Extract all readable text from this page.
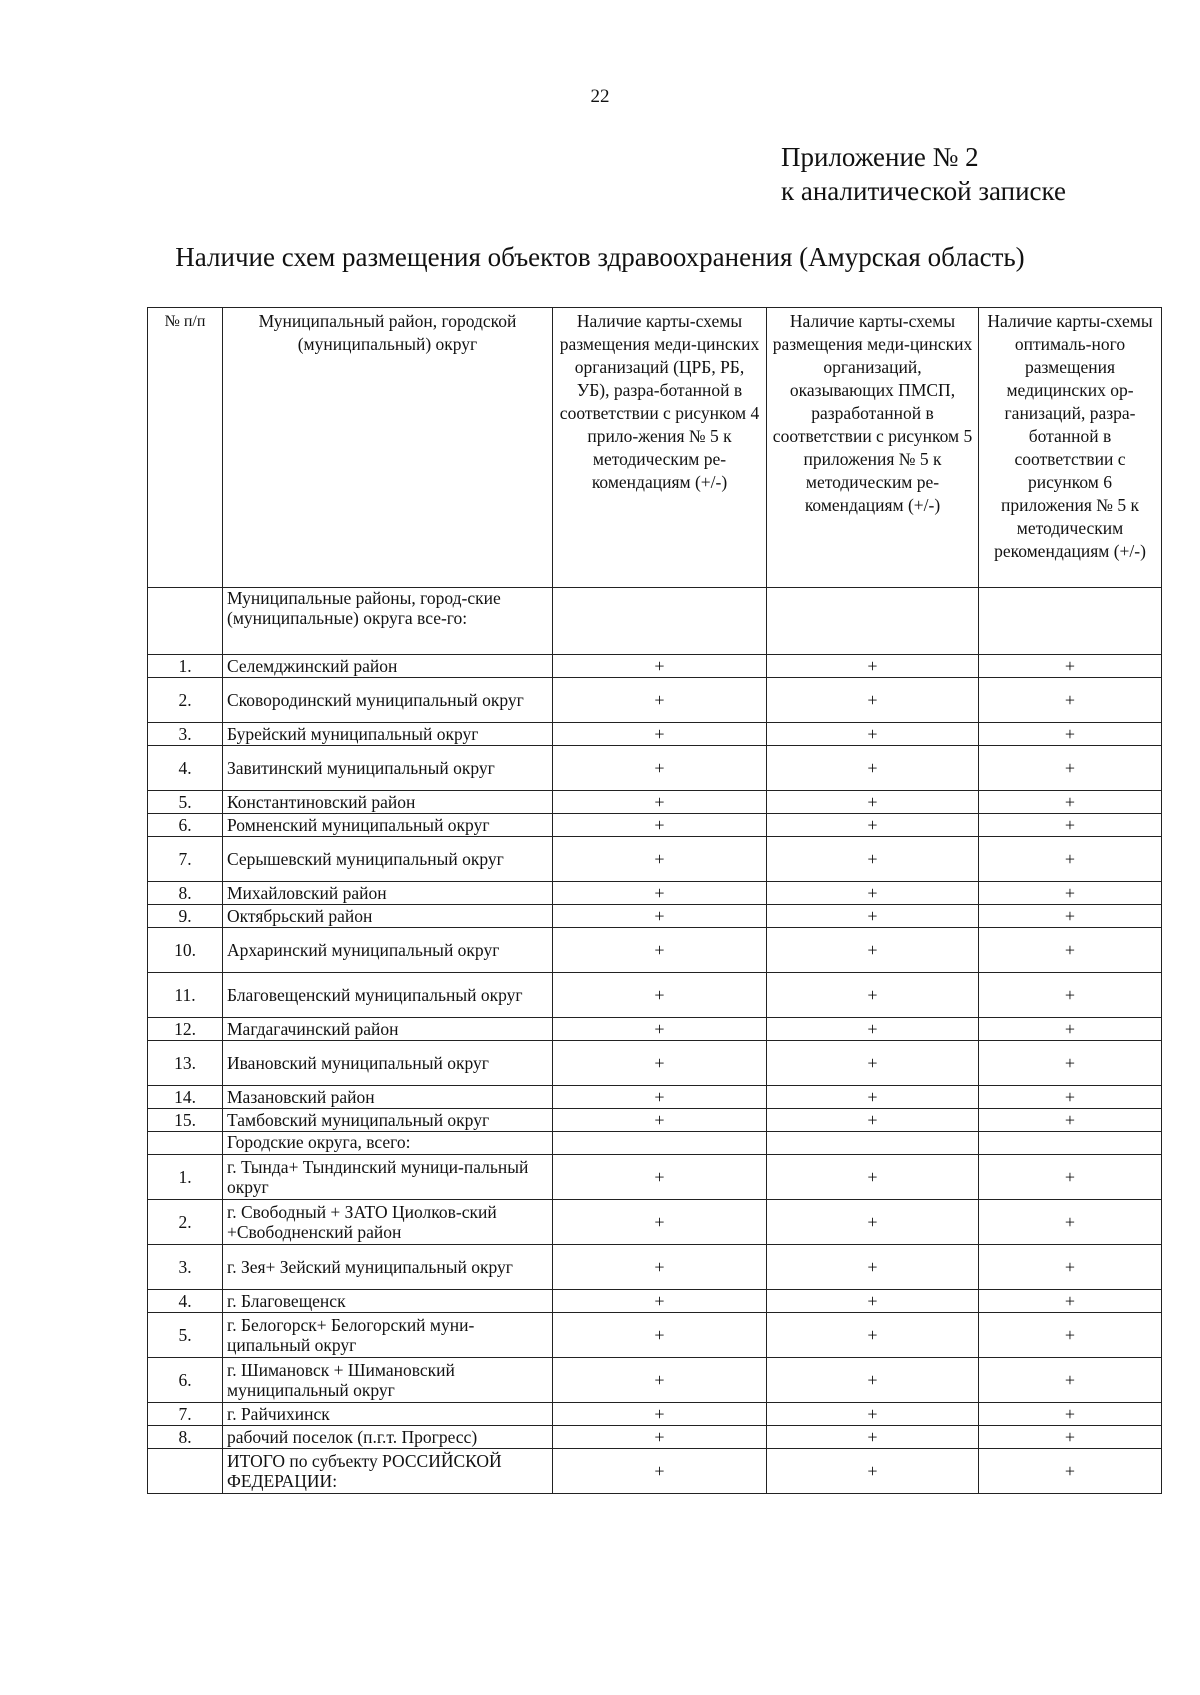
22
Приложение № 2
к аналитической записке
Наличие схем размещения объектов здравоохранения (Амурская область)
№ п/п	Муниципальный район, городской (муниципальный) округ	Наличие карты-схемы размещения меди-цинских организаций (ЦРБ, РБ, УБ), разра-ботанной в соответствии с рисунком 4 прило-жения № 5 к методическим ре-комендациям (+/-)	Наличие карты-схемы размещения меди-цинских организаций, оказывающих ПМСП, разработанной в соответствии с рисунком 5 приложения № 5 к методическим ре-комендациям (+/-)	Наличие карты-схемы оптималь-ного размещения медицинских ор-ганизаций, разра-ботанной в соответствии с рисунком 6 приложения № 5 к методическим рекомендациям (+/-)
	Муниципальные районы, город-ские (муниципальные) округа все-го:			
1.	Селемджинский район	+	+	+
2.	Сковородинский муниципальный округ	+	+	+
3.	Бурейский муниципальный округ	+	+	+
4.	Завитинский муниципальный округ	+	+	+
5.	Константиновский район	+	+	+
6.	Ромненский муниципальный округ	+	+	+
7.	Серышевский муниципальный округ	+	+	+
8.	Михайловский район	+	+	+
9.	Октябрьский район	+	+	+
10.	Архаринский муниципальный округ	+	+	+
11.	Благовещенский муниципальный округ	+	+	+
12.	Магдагачинский район	+	+	+
13.	Ивановский муниципальный округ	+	+	+
14.	Мазановский район	+	+	+
15.	Тамбовский муниципальный округ	+	+	+
	Городские округа, всего:			
1.	г. Тында+ Тындинский муници-пальный округ	+	+	+
2.	г. Свободный + ЗАТО Циолков-ский +Свободненский район	+	+	+
3.	г. Зея+ Зейский муниципальный округ	+	+	+
4.	г. Благовещенск	+	+	+
5.	г. Белогорск+ Белогорский муни-ципальный округ	+	+	+
6.	г. Шимановск + Шимановский муниципальный округ	+	+	+
7.	г. Райчихинск	+	+	+
8.	рабочий поселок (п.г.т. Прогресс)	+	+	+
	ИТОГО по субъекту РОССИЙСКОЙ ФЕДЕРАЦИИ:	+	+	+
